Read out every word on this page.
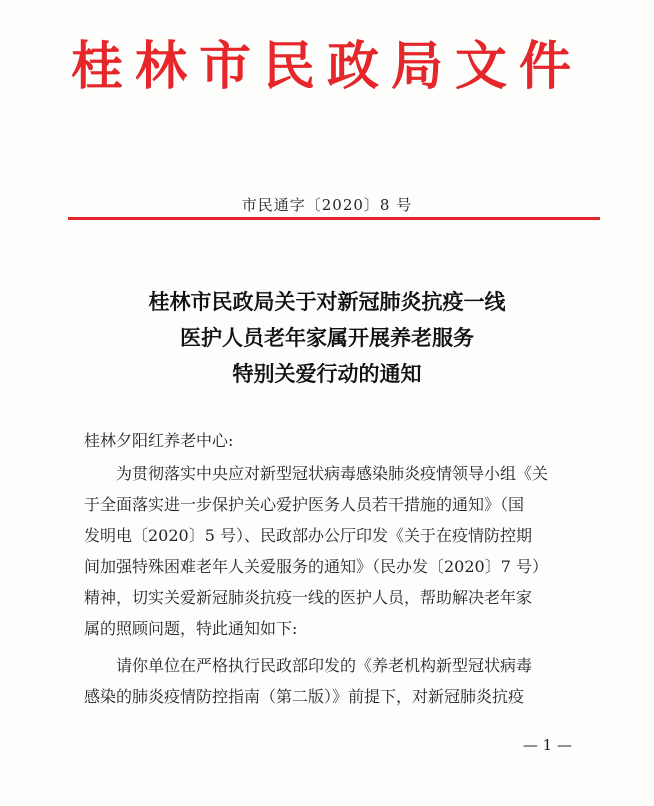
桂林市民政局文件
市民通字〔2020〕8 号
桂林市民政局关于对新冠肺炎抗疫一线
医护人员老年家属开展养老服务
特别关爱行动的通知
桂林夕阳红养老中心:
为贯彻落实中央应对新型冠状病毒感染肺炎疫情领导小组《关
于全面落实进一步保护关心爱护医务人员若干措施的通知》（国
发明电〔2020〕5 号）、民政部办公厅印发《关于在疫情防控期
间加强特殊困难老年人关爱服务的通知》（民办发〔2020〕7 号）
精神，切实关爱新冠肺炎抗疫一线的医护人员，帮助解决老年家
属的照顾问题，特此通知如下:
请你单位在严格执行民政部印发的《养老机构新型冠状病毒
感染的肺炎疫情防控指南（第二版）》前提下，对新冠肺炎抗疫
— 1 —
